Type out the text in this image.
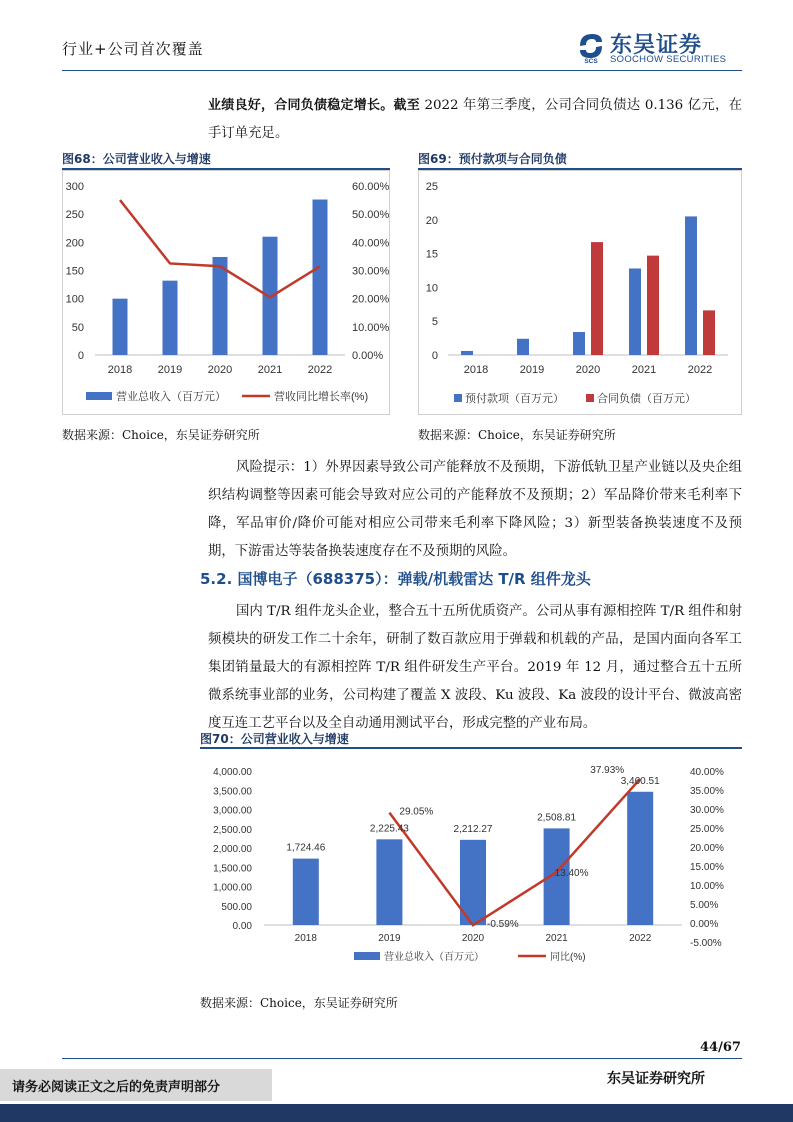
行业+公司首次覆盖
SCS
东吴证券
SOOCHOW SECURITIES
业绩良好，合同负债稳定增长。截至 2022 年第三季度，公司合同负债达 0.136 亿元，在手订单充足。
图68：公司营业收入与增速
0
50
100
150
200
250
300
0.00%
10.00%
20.00%
30.00%
40.00%
50.00%
60.00%
2018 2019 2020 2021 2022
营业总收入（百万元）	营收同比增长率(%)
数据来源：Choice，东吴证券研究所
图69：预付款项与合同负债
0
5
10
15
20
25
2018	2019	2020	2021	2022
预付款项（百万元）	合同负债（百万元）
数据来源：Choice，东吴证券研究所
风险提示：1）外界因素导致公司产能释放不及预期，下游低轨卫星产业链以及央企组织结构调整等因素可能会导致对应公司的产能释放不及预期；2）军品降价带来毛利率下降，军品审价/降价可能对相应公司带来毛利率下降风险；3）新型装备换装速度不及预期，下游雷达等装备换装速度存在不及预期的风险。
5.2. 国博电子（688375）：弹载/机载雷达 T/R 组件龙头
国内 T/R 组件龙头企业，整合五十五所优质资产。公司从事有源相控阵 T/R 组件和射频模块的研发工作二十余年，研制了数百款应用于弹载和机载的产品，是国内面向各军工集团销量最大的有源相控阵 T/R 组件研发生产平台。2019 年 12 月，通过整合五十五所微系统事业部的业务，公司构建了覆盖 X 波段、Ku 波段、Ka 波段的设计平台、微波高密度互连工艺平台以及全自动通用测试平台，形成完整的产业布局。
图70：公司营业收入与增速
0.00
500.00
1,000.00
1,500.00
2,000.00
2,500.00
3,000.00
3,500.00
4,000.00
-5.00%
0.00%
5.00%
10.00%
15.00%
20.00%
25.00%
30.00%
35.00%
40.00%
1,724.46
2018
2,225.43
2019
29.05%
2,212.27
2020
-0.59%
2,508.81
2021
13.40%
3,460.51
2022
37.93%
营业总收入（百万元）	同比(%)
数据来源：Choice，东吴证券研究所
44/67
请务必阅读正文之后的免责声明部分
东吴证券研究所
